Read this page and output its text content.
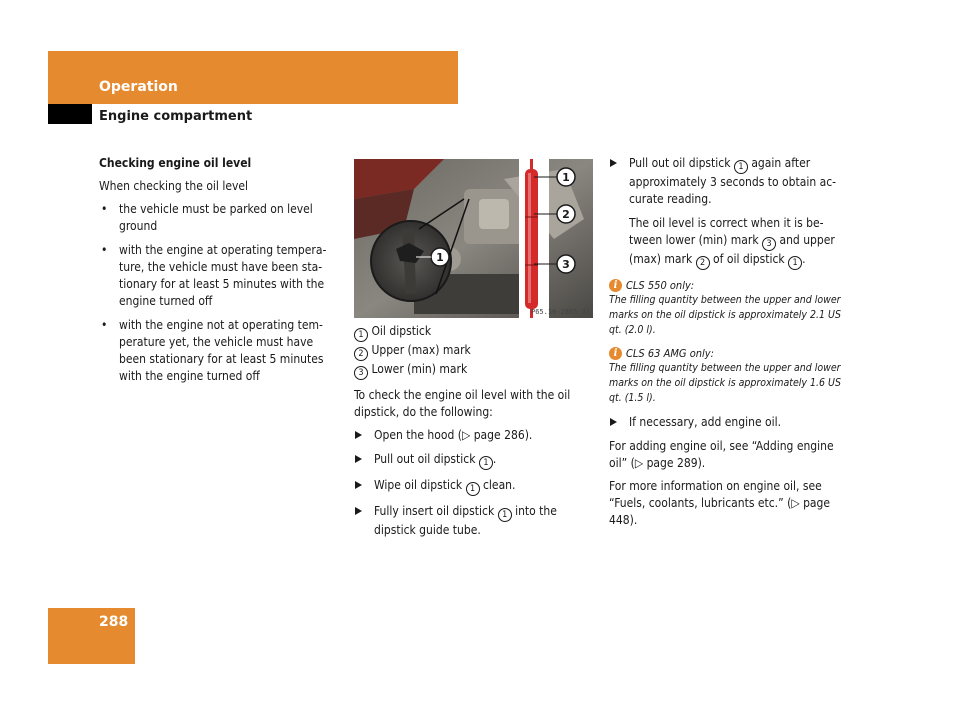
Operation
Engine compartment

Checking engine oil level

When checking the oil level

• the vehicle must be parked on level ground
• with the engine at operating tempera-ture, the vehicle must have been sta-tionary for at least 5 minutes with the engine turned off
• with the engine not at operating tem-perature yet, the vehicle must have been stationary for at least 5 minutes with the engine turned off
1
2
3
1
P65.10-2885-31

1 Oil dipstick

2 Upper (max) mark

3 Lower (min) mark

To check the engine oil level with the oil dipstick, do the following:

Open the hood (▷ page 286).
Pull out oil dipstick 1 .
Wipe oil dipstick 1 clean.
Fully insert oil dipstick 1 into the dipstick guide tube.
Pull out oil dipstick 1 again after approximately 3 seconds to obtain ac-curate reading.

The oil level is correct when it is be-tween lower (min) mark 3 and upper (max) mark 2 of oil dipstick 1 .

i CLS 550 only:

The filling quantity between the upper and lower marks on the oil dipstick is approximately 2.1 US qt. (2.0 l).

i CLS 63 AMG only:

The filling quantity between the upper and lower marks on the oil dipstick is approximately 1.6 US qt. (1.5 l).

If necessary, add engine oil.

For adding engine oil, see “Adding engine oil” (▷ page 289).

For more information on engine oil, see “Fuels, coolants, lubricants etc.” (▷ page 448).

288
